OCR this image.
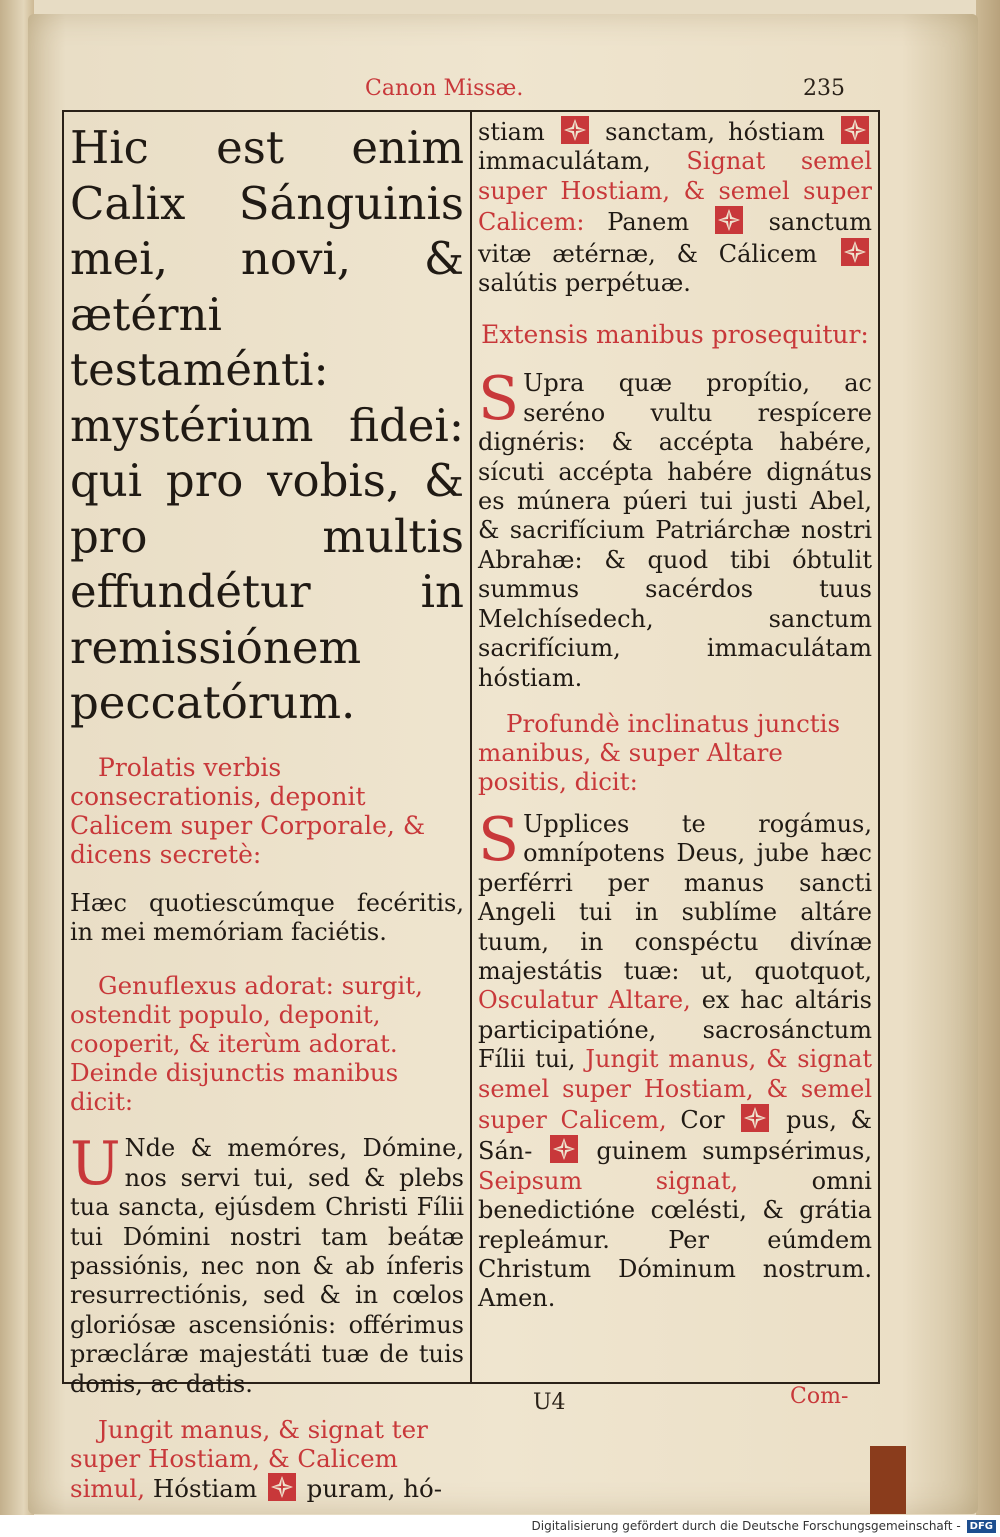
Canon Missæ.	235

Hic est enim Calix Sánguinis mei, novi, & ætérni testaménti: mystérium fidei: qui pro vobis, & pro multis effundétur in remissiónem peccatórum.

Prolatis verbis consecrationis, deponit Calicem super Corporale, & dicens secretè:

Hæc quotiescúmque fecéritis, in mei memóriam faciétis.

Genuflexus adorat: surgit, ostendit populo, deponit, cooperit, & iterùm adorat. Deinde disjunctis manibus dicit:

U Nde & memóres, Dómine, nos servi tui, sed & plebs tua sancta, ejúsdem Christi Fílii tui Dómini nostri tam beátæ passiónis, nec non & ab ínferis resurrectiónis, sed & in cœlos gloriósæ ascensiónis: offérimus præcláræ majestáti tuæ de tuis donis, ac datis.

Jungit manus, & signat ter super Hostiam, & Calicem simul, Hóstiam puram, hó-

stiam	sanctam, hóstiam  immaculátam, Signat semel super Hostiam, & semel super Calicem: Panem	sanctum vitæ ætérnæ, & Cálicem  salútis perpétuæ.

Extensis manibus prosequitur:

S Upra quæ propítio, ac seréno vultu respícere dignéris: & accépta habére, sícuti accépta habére dignátus es múnera púeri tui justi Abel, & sacrifícium Patriárchæ nostri Abrahæ: & quod tibi óbtulit summus sacérdos tuus Melchísedech, sanctum sacrifícium, immaculátam hóstiam.

Profundè inclinatus junctis manibus, & super Altare positis, dicit:

S Upplices te rogámus, omnípotens Deus, jube hæc perférri per manus sancti Angeli tui in sublíme altáre tuum, in conspéctu divínæ majestátis tuæ: ut, quotquot, Osculatur Altare, ex hac altáris participatióne, sacrosánctum Fílii tui, Jungit manus, & signat semel super Hostiam, & semel super Calicem, Cor	pus, & Sán-	guinem sumpsérimus, Seipsum signat,	omni benedictióne cœlésti, & grátia repleámur. Per eúmdem Christum Dóminum nostrum. Amen.

U4	Com-
Digitalisierung gefördert durch die Deutsche Forschungsgemeinschaft - DFG
